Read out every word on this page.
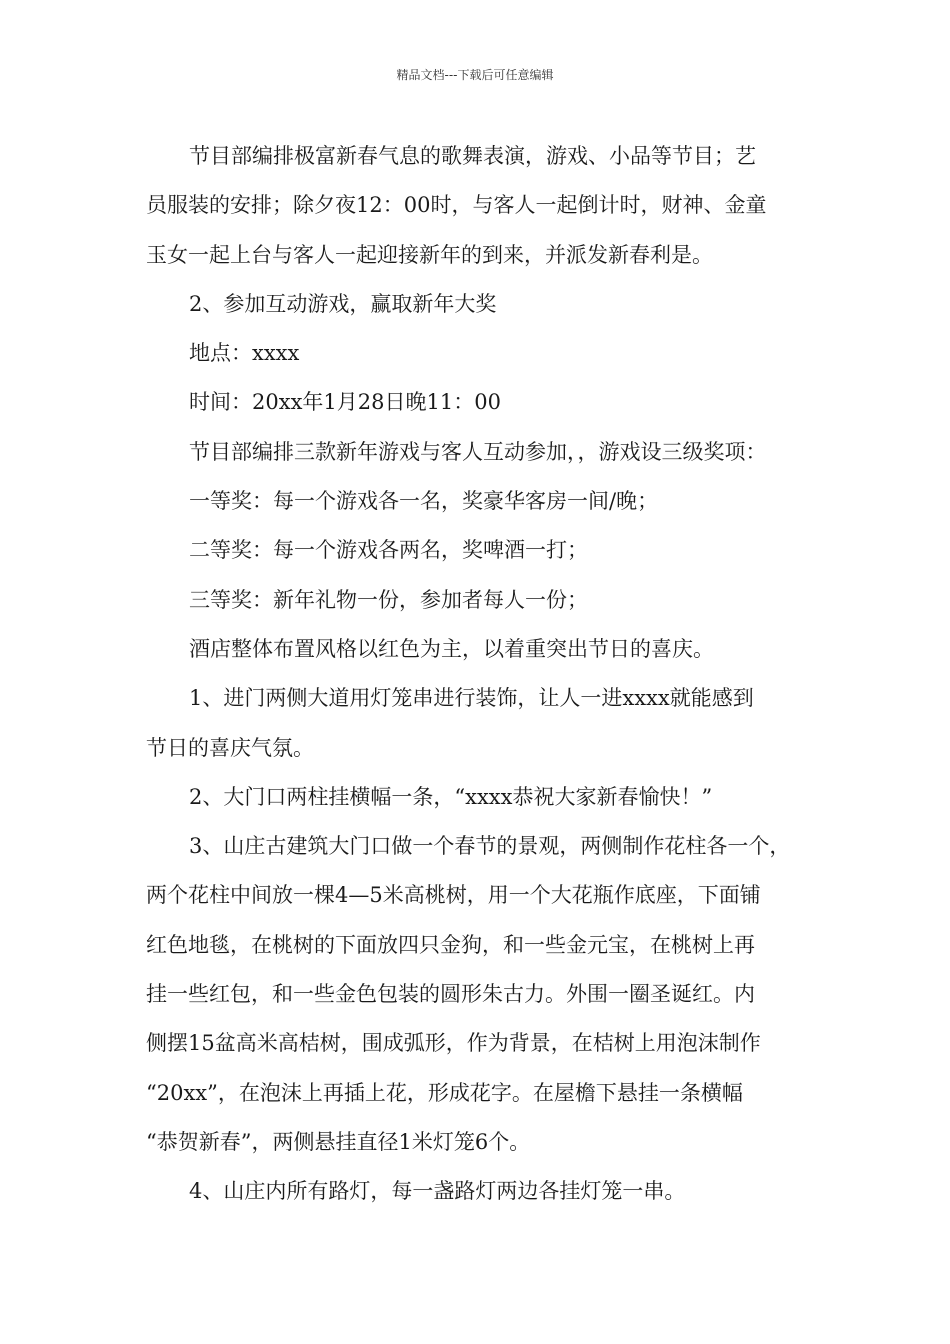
精品文档---下载后可任意编辑

节目部编排极富新春气息的歌舞表演，游戏、小品等节目；艺

员服装的安排；除夕夜12：00时，与客人一起倒计时，财神、金童

玉女一起上台与客人一起迎接新年的到来，并派发新春利是。

2、参加互动游戏，赢取新年大奖

地点：xxxx

时间：20xx年1月28日晚11：00

节目部编排三款新年游戏与客人互动参加，，游戏设三级奖项：

一等奖：每一个游戏各一名，奖豪华客房一间/晚；

二等奖：每一个游戏各两名，奖啤酒一打；

三等奖：新年礼物一份，参加者每人一份；

酒店整体布置风格以红色为主，以着重突出节日的喜庆。

1、进门两侧大道用灯笼串进行装饰，让人一进xxxx就能感到

节日的喜庆气氛。

2、大门口两柱挂横幅一条，“xxxx恭祝大家新春愉快！”

3、山庄古建筑大门口做一个春节的景观，两侧制作花柱各一个，

两个花柱中间放一棵4—5米高桃树，用一个大花瓶作底座，下面铺

红色地毯，在桃树的下面放四只金狗，和一些金元宝，在桃树上再

挂一些红包，和一些金色包装的圆形朱古力。外围一圈圣诞红。内

侧摆15盆高米高桔树，围成弧形，作为背景，在桔树上用泡沫制作

“20xx”，在泡沫上再插上花，形成花字。在屋檐下悬挂一条横幅

“恭贺新春”，两侧悬挂直径1米灯笼6个。

4、山庄内所有路灯，每一盏路灯两边各挂灯笼一串。
